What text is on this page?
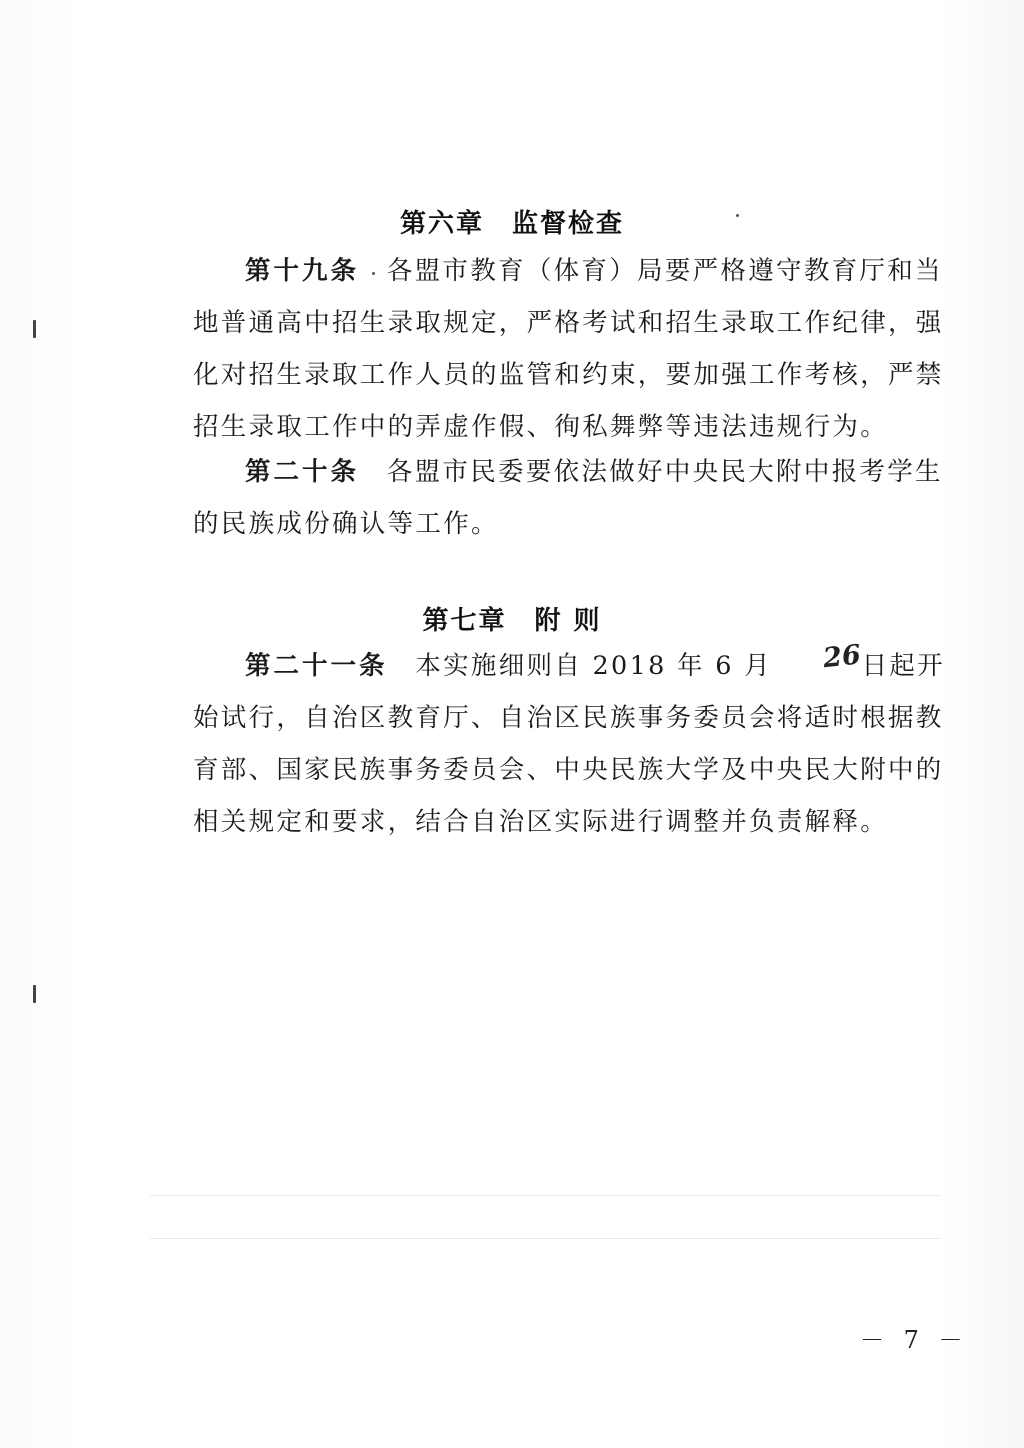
第六章　监督检查

第十九条　 各盟市教育（体育）局要严格遵守教育厅和当地普通高中招生录取规定，严格考试和招生录取工作纪律，强化对招生录取工作人员的监管和约束，要加强工作考核，严禁招生录取工作中的弄虚作假、徇私舞弊等违法违规行为。

第二十条　 各盟市民委要依法做好中央民大附中报考学生的民族成份确认等工作。

第七章　附 则

第二十一条　 本实施细则自 2018 年 6 月 26日起开始试行，自治区教育厅、自治区民族事务委员会将适时根据教育部、国家民族事务委员会、中央民族大学及中央民大附中的相关规定和要求，结合自治区实际进行调整并负责解释。

－ 7 －
